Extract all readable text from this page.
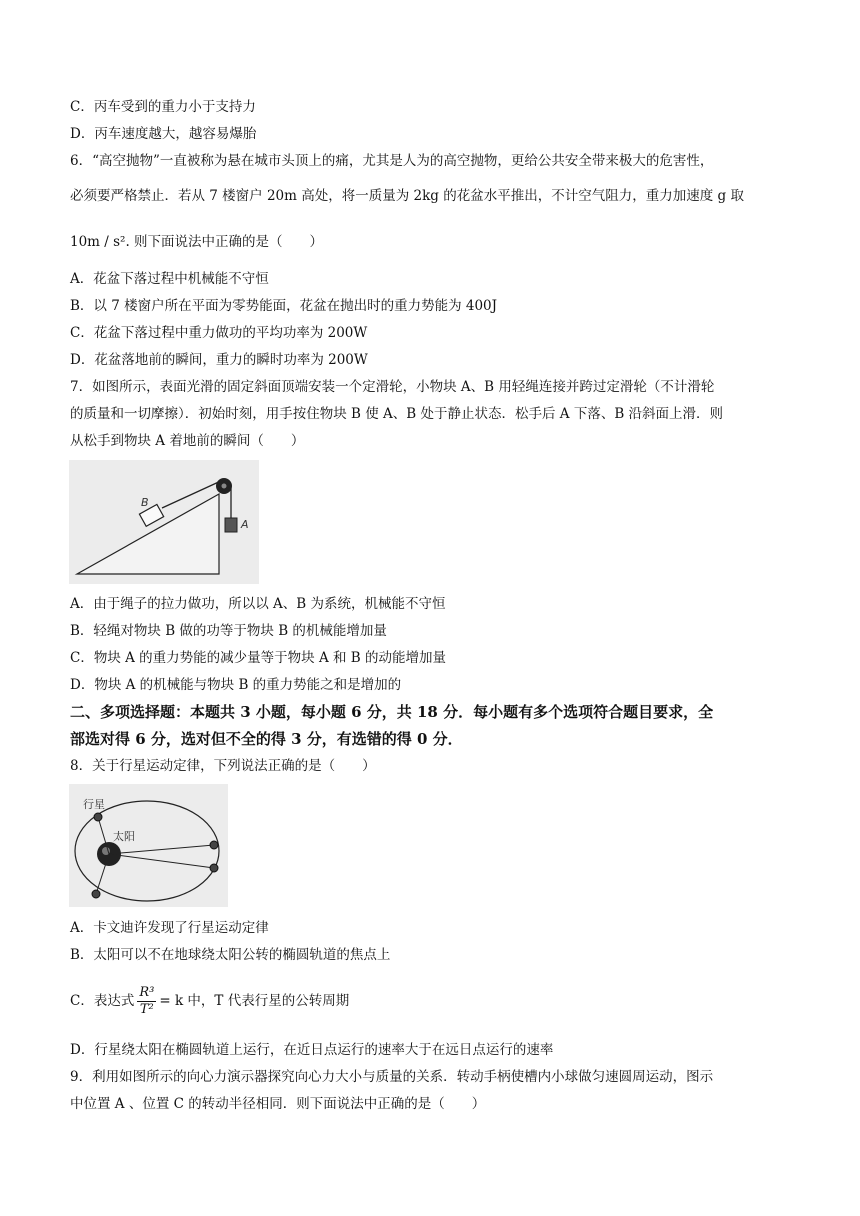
C．丙车受到的重力小于支持力
D．丙车速度越大，越容易爆胎
6．“高空抛物”一直被称为悬在城市头顶上的痛，尤其是人为的高空抛物，更给公共安全带来极大的危害性，
必须要严格禁止．若从 7 楼窗户 20m 高处，将一质量为 2kg 的花盆水平推出，不计空气阻力，重力加速度 g 取
10m / s². 则下面说法中正确的是（　　）
A．花盆下落过程中机械能不守恒
B．以 7 楼窗户所在平面为零势能面，花盆在抛出时的重力势能为 400J
C．花盆下落过程中重力做功的平均功率为 200W
D．花盆落地前的瞬间，重力的瞬时功率为 200W
7．如图所示，表面光滑的固定斜面顶端安装一个定滑轮，小物块 A、B 用轻绳连接并跨过定滑轮（不计滑轮
的质量和一切摩擦）．初始时刻，用手按住物块 B 使 A、B 处于静止状态．松手后 A 下落、B 沿斜面上滑．则
从松手到物块 A 着地前的瞬间（　　）
B
A
A．由于绳子的拉力做功，所以以 A、B 为系统，机械能不守恒
B．轻绳对物块 B 做的功等于物块 B 的机械能增加量
C．物块 A 的重力势能的减少量等于物块 A 和 B 的动能增加量
D．物块 A 的机械能与物块 B 的重力势能之和是增加的
二、多项选择题：本题共 3 小题，每小题 6 分，共 18 分．每小题有多个选项符合题目要求，全
部选对得 6 分，选对但不全的得 3 分，有选错的得 0 分．
8．关于行星运动定律，下列说法正确的是（　　）
行星
太阳
A．卡文迪许发现了行星运动定律
B．太阳可以不在地球绕太阳公转的椭圆轨道的焦点上
C．表达式 $\frac{\text{R³}}{\text{T²}} = k$ 中，T 代表行星的公转周期
D．行星绕太阳在椭圆轨道上运行，在近日点运行的速率大于在远日点运行的速率
9．利用如图所示的向心力演示器探究向心力大小与质量的关系．转动手柄使槽内小球做匀速圆周运动，图示
中位置 A 、位置 C 的转动半径相同．则下面说法中正确的是（　　）
